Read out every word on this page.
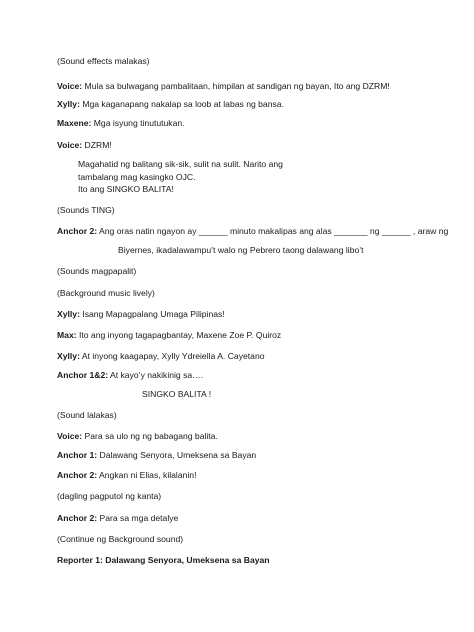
(Sound effects malakas)
Voice: Mula sa bulwagang pambalitaan, himpilan at sandigan ng bayan, Ito ang DZRM!
Xylly: Mga kaganapang nakalap sa loob at labas ng bansa.
Maxene: Mga isyung tinututukan.
Voice: DZRM!
Magahatid ng balitang sik-sik, sulit na sulit. Narito ang
tambalang mag kasingko OJC.
Ito ang SINGKO BALITA!
(Sounds TING)
Anchor 2: Ang oras natin ngayon ay ______ minuto makalipas ang alas _______ ng ______ , araw ng
Biyernes, ikadalawampu’t walo ng Pebrero taong dalawang libo’t
(Sounds magpapalit)
(Background music lively)
Xylly: Isang Mapagpalang Umaga Pilipinas!
Max: Ito ang inyong tagapagbantay, Maxene Zoe P. Quiroz
Xylly: At inyong kaagapay, Xylly Ydreiella A. Cayetano
Anchor 1&2: At kayo’y nakikinig sa….
SINGKO BALITA !
(Sound lalakas)
Voice: Para sa ulo ng ng babagang balita.
Anchor 1: Dalawang Senyora, Umeksena sa Bayan
Anchor 2: Angkan ni Elias, kilalanin!
(dagling pagputol ng kanta)
Anchor 2: Para sa mga detalye
(Continue ng Background sound)
Reporter 1: Dalawang Senyora, Umeksena sa Bayan
